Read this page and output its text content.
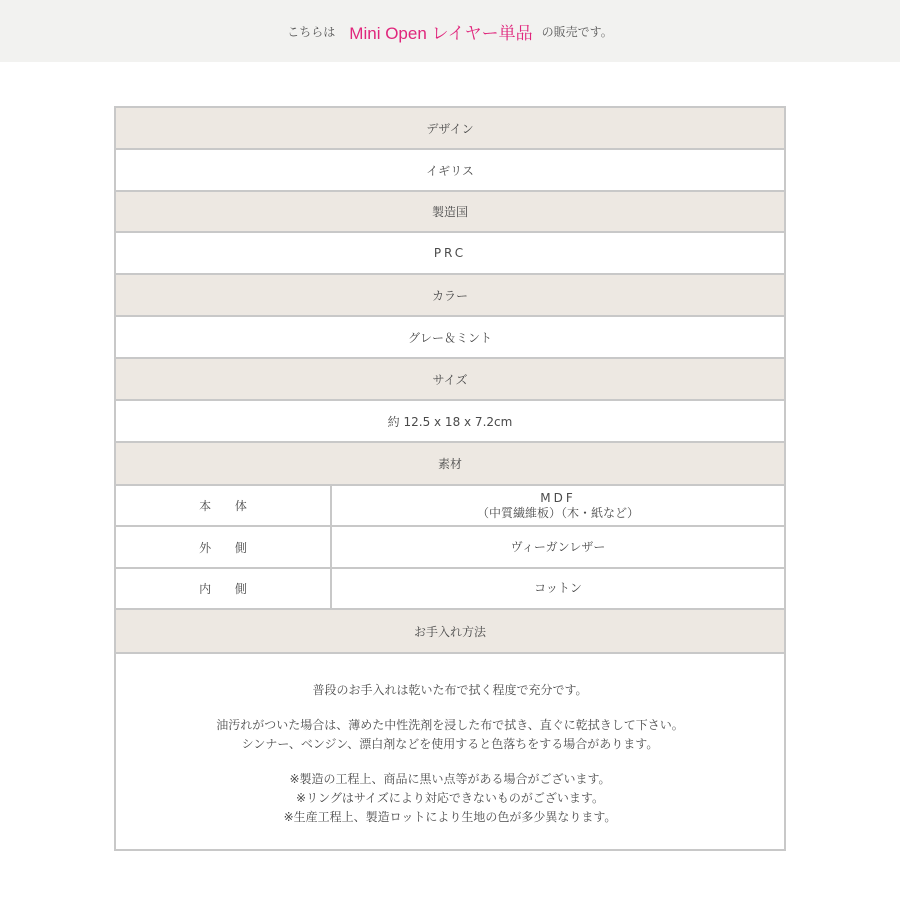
こちらは Mini Open レイヤー単品 の販売です。
デザイン
イギリス
製造国
PRC
カラー
グレー＆ミント
サイズ
約 12.5 x 18 x 7.2cm
素材
本 体
MDF
（中質繊維板）（木・紙など）
外 側	ヴィーガンレザー
内 側	コットン
お手入れ方法

普段のお手入れは乾いた布で拭く程度で充分です。

油汚れがついた場合は、薄めた中性洗剤を浸した布で拭き、直ぐに乾拭きして下さい。

シンナー、ベンジン、漂白剤などを使用すると色落ちをする場合があります。

※製造の工程上、商品に黒い点等がある場合がございます。

※リングはサイズにより対応できないものがございます。

※生産工程上、製造ロットにより生地の色が多少異なります。
